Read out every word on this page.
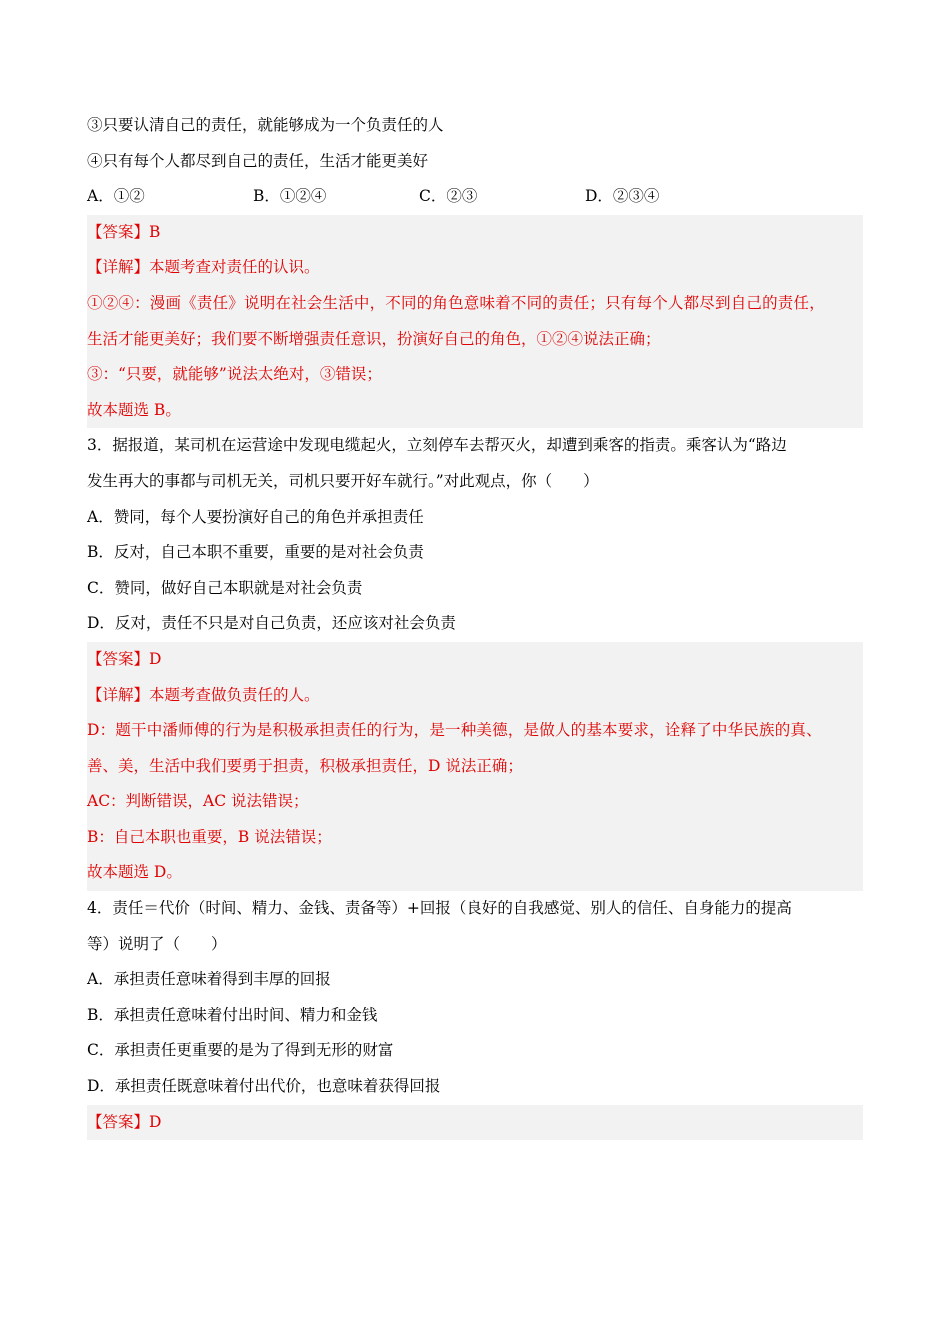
③只要认清自己的责任，就能够成为一个负责任的人
④只有每个人都尽到自己的责任，生活才能更美好
A．①②	B．①②④	C．②③	D．②③④
【答案】B
【详解】本题考查对责任的认识。
①②④：漫画《责任》说明在社会生活中，不同的角色意味着不同的责任；只有每个人都尽到自己的责任，
生活才能更美好；我们要不断增强责任意识，扮演好自己的角色，①②④说法正确；
③：“只要，就能够”说法太绝对，③错误；
故本题选 B。
3．据报道，某司机在运营途中发现电缆起火，立刻停车去帮灭火，却遭到乘客的指责。乘客认为“路边
发生再大的事都与司机无关，司机只要开好车就行。”对此观点，你（　　）
A．赞同，每个人要扮演好自己的角色并承担责任
B．反对，自己本职不重要，重要的是对社会负责
C．赞同，做好自己本职就是对社会负责
D．反对，责任不只是对自己负责，还应该对社会负责
【答案】D
【详解】本题考查做负责任的人。
D：题干中潘师傅的行为是积极承担责任的行为，是一种美德，是做人的基本要求，诠释了中华民族的真、
善、美，生活中我们要勇于担责，积极承担责任，D 说法正确；
AC：判断错误，AC 说法错误；
B：自己本职也重要，B 说法错误；
故本题选 D。
4．责任＝代价（时间、精力、金钱、责备等）+回报（良好的自我感觉、别人的信任、自身能力的提高
等）说明了（　　）
A．承担责任意味着得到丰厚的回报
B．承担责任意味着付出时间、精力和金钱
C．承担责任更重要的是为了得到无形的财富
D．承担责任既意味着付出代价，也意味着获得回报
【答案】D
